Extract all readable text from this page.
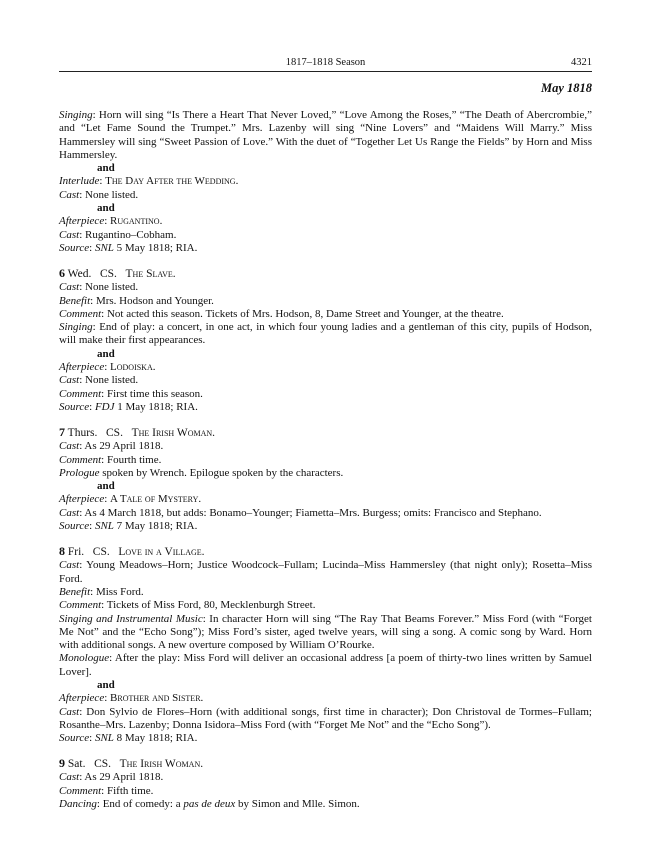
1817–1818 Season	4321
May 1818
Singing: Horn will sing “Is There a Heart That Never Loved,” “Love Among the Roses,” “The Death of Abercrombie,” and “Let Fame Sound the Trumpet.” Mrs. Lazenby will sing “Nine Lovers” and “Maidens Will Marry.” Miss Hammersley will sing “Sweet Passion of Love.” With the duet of “Together Let Us Range the Fields” by Horn and Miss Hammersley.
and
Interlude: The Day After the Wedding.
Cast: None listed.
and
Afterpiece: Rugantino.
Cast: Rugantino–Cobham.
Source: SNL 5 May 1818; RIA.
6 Wed.   CS.   The Slave.
Cast: None listed.
Benefit: Mrs. Hodson and Younger.
Comment: Not acted this season. Tickets of Mrs. Hodson, 8, Dame Street and Younger, at the theatre.
Singing: End of play: a concert, in one act, in which four young ladies and a gentleman of this city, pupils of Hodson, will make their first appearances.
and
Afterpiece: Lodoiska.
Cast: None listed.
Comment: First time this season.
Source: FDJ 1 May 1818; RIA.
7 Thurs.   CS.   The Irish Woman.
Cast: As 29 April 1818.
Comment: Fourth time.
Prologue spoken by Wrench. Epilogue spoken by the characters.
and
Afterpiece: A Tale of Mystery.
Cast: As 4 March 1818, but adds: Bonamo–Younger; Fiametta–Mrs. Burgess; omits: Francisco and Stephano.
Source: SNL 7 May 1818; RIA.
8 Fri.   CS.   Love in a Village.
Cast: Young Meadows–Horn; Justice Woodcock–Fullam; Lucinda–Miss Hammersley (that night only); Rosetta–Miss Ford.
Benefit: Miss Ford.
Comment: Tickets of Miss Ford, 80, Mecklenburgh Street.
Singing and Instrumental Music: In character Horn will sing “The Ray That Beams Forever.” Miss Ford (with “Forget Me Not” and the “Echo Song”); Miss Ford’s sister, aged twelve years, will sing a song. A comic song by Ward. Horn with additional songs. A new overture composed by William O’Rourke.
Monologue: After the play: Miss Ford will deliver an occasional address [a poem of thirty-two lines written by Samuel Lover].
and
Afterpiece: Brother and Sister.
Cast: Don Sylvio de Flores–Horn (with additional songs, first time in character); Don Christoval de Tormes–Fullam; Rosanthe–Mrs. Lazenby; Donna Isidora–Miss Ford (with “Forget Me Not” and the “Echo Song”).
Source: SNL 8 May 1818; RIA.
9 Sat.   CS.   The Irish Woman.
Cast: As 29 April 1818.
Comment: Fifth time.
Dancing: End of comedy: a pas de deux by Simon and Mlle. Simon.
